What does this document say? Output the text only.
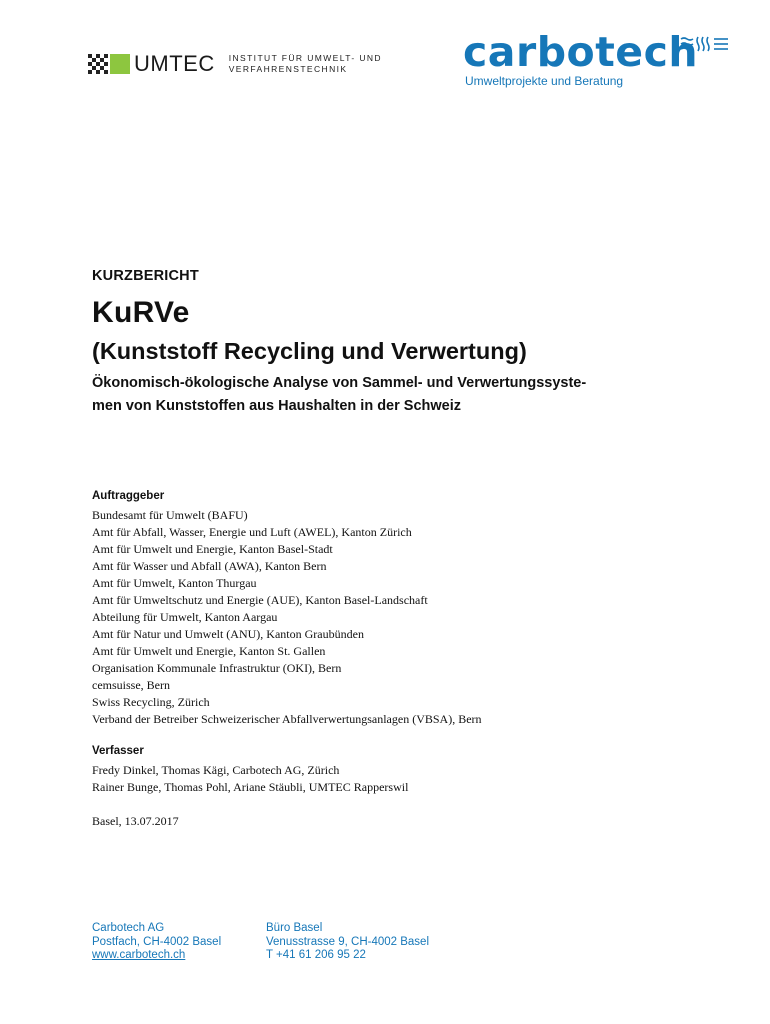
UMTEC INSTITUT FÜR UMWELT- UND
VERFAHRENSTECHNIK	carbotech
Umweltprojekte und Beratung
KURZBERICHT
KuRVe
(Kunststoff Recycling und Verwertung)
Ökonomisch-ökologische Analyse von Sammel- und Verwertungssyste-
men von Kunststoffen aus Haushalten in der Schweiz
Auftraggeber
Bundesamt für Umwelt (BAFU)
Amt für Abfall, Wasser, Energie und Luft (AWEL), Kanton Zürich
Amt für Umwelt und Energie, Kanton Basel-Stadt
Amt für Wasser und Abfall (AWA), Kanton Bern
Amt für Umwelt, Kanton Thurgau
Amt für Umweltschutz und Energie (AUE), Kanton Basel-Landschaft
Abteilung für Umwelt, Kanton Aargau
Amt für Natur und Umwelt (ANU), Kanton Graubünden
Amt für Umwelt und Energie, Kanton St. Gallen
Organisation Kommunale Infrastruktur (OKI), Bern
cemsuisse, Bern
Swiss Recycling, Zürich
Verband der Betreiber Schweizerischer Abfallverwertungsanlagen (VBSA), Bern
Verfasser
Fredy Dinkel, Thomas Kägi, Carbotech AG, Zürich
Rainer Bunge, Thomas Pohl, Ariane Stäubli, UMTEC Rapperswil
Basel, 13.07.2017
Carbotech AG
Postfach, CH-4002 Basel
www.carbotech.ch
Büro Basel
Venusstrasse 9, CH-4002 Basel
T +41 61 206 95 22
